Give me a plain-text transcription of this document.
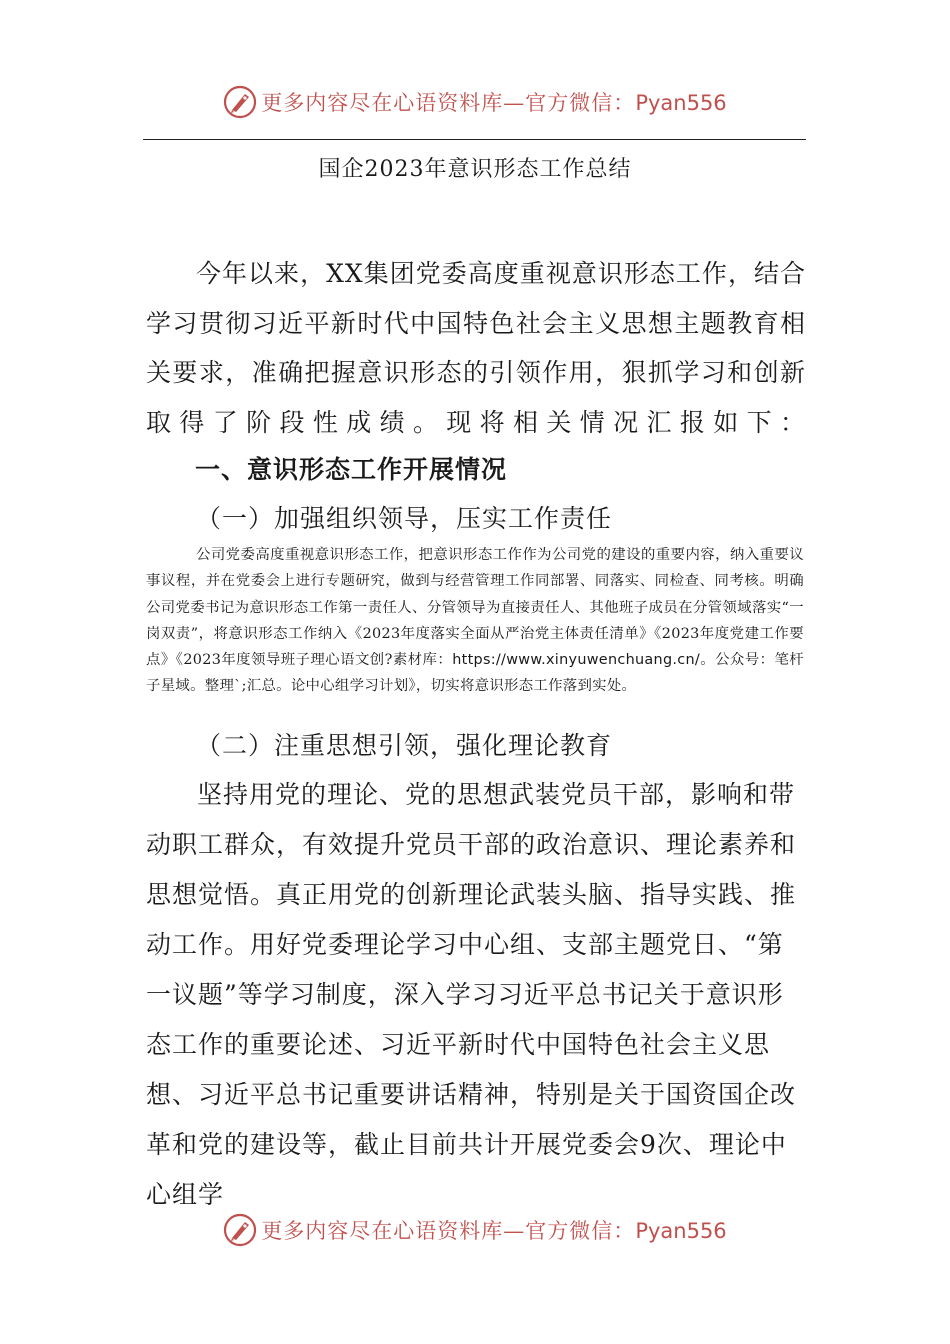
更多内容尽在心语资料库—官方微信：Pyan556
国企2023年意识形态工作总结

今年以来，XX集团党委高度重视意识形态工作，结合学习贯彻习近平新时代中国特色社会主义思想主题教育相关要求，准确把握意识形态的引领作用，狠抓学习和创新取得了阶段性成绩。现将相关情况汇报如下：

一、意识形态工作开展情况
（一）加强组织领导，压实工作责任

公司党委高度重视意识形态工作，把意识形态工作作为公司党的建设的重要内容，纳入重要议事议程，并在党委会上进行专题研究，做到与经营管理工作同部署、同落实、同检查、同考核。明确公司党委书记为意识形态工作第一责任人、分管领导为直接责任人、其他班子成员在分管领域落实“一岗双责”，将意识形态工作纳入《2023年度落实全面从严治党主体责任清单》《2023年度党建工作要点》《2023年度领导班子理心语文创?素材库：https://www.xinyuwenchuang.cn/。公众号：笔杆子星域。整理`;汇总。论中心组学习计划》，切实将意识形态工作落到实处。

（二）注重思想引领，强化理论教育

坚持用党的理论、党的思想武装党员干部，影响和带动职工群众，有效提升党员干部的政治意识、理论素养和思想觉悟。真正用党的创新理论武装头脑、指导实践、推动工作。用好党委理论学习中心组、支部主题党日、“第一议题”等学习制度，深入学习习近平总书记关于意识形态工作的重要论述、习近平新时代中国特色社会主义思想、习近平总书记重要讲话精神，特别是关于国资国企改革和党的建设等，截止目前共计开展党委会9次、理论中心组学

更多内容尽在心语资料库—官方微信：Pyan556
